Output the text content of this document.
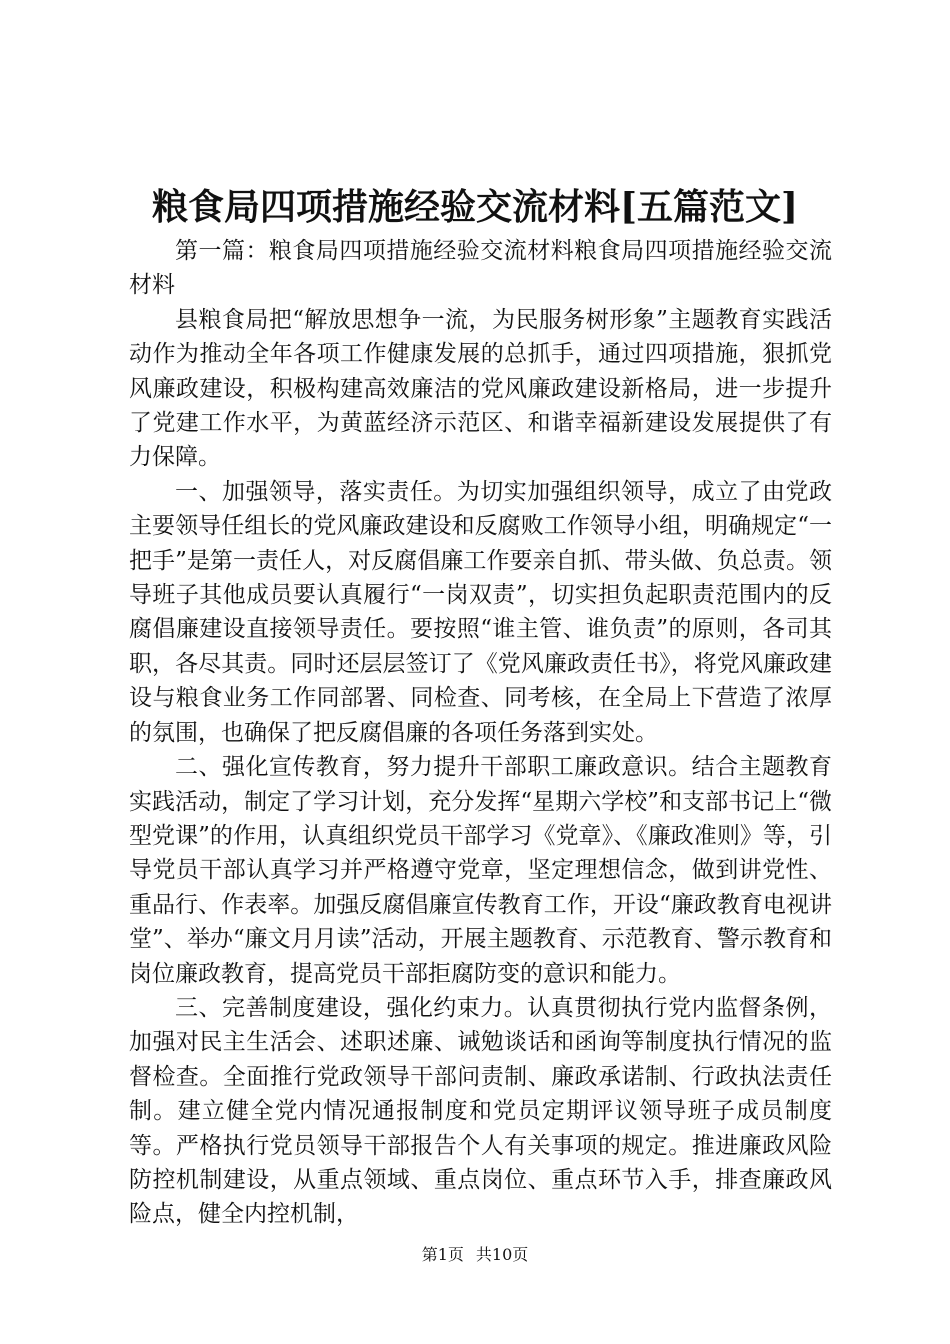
粮食局四项措施经验交流材料[五篇范文]

第一篇：粮食局四项措施经验交流材料粮食局四项措施经验交流材料

县粮食局把“解放思想争一流，为民服务树形象”主题教育实践活动作为推动全年各项工作健康发展的总抓手，通过四项措施，狠抓党风廉政建设，积极构建高效廉洁的党风廉政建设新格局，进一步提升了党建工作水平，为黄蓝经济示范区、和谐幸福新建设发展提供了有力保障。

一、加强领导，落实责任。为切实加强组织领导，成立了由党政主要领导任组长的党风廉政建设和反腐败工作领导小组，明确规定“一把手”是第一责任人，对反腐倡廉工作要亲自抓、带头做、负总责。领导班子其他成员要认真履行“一岗双责”，切实担负起职责范围内的反腐倡廉建设直接领导责任。要按照“谁主管、谁负责”的原则，各司其职，各尽其责。同时还层层签订了《党风廉政责任书》，将党风廉政建设与粮食业务工作同部署、同检查、同考核，在全局上下营造了浓厚的氛围，也确保了把反腐倡廉的各项任务落到实处。

二、强化宣传教育，努力提升干部职工廉政意识。结合主题教育实践活动，制定了学习计划，充分发挥“星期六学校”和支部书记上“微型党课”的作用，认真组织党员干部学习《党章》、《廉政准则》等，引导党员干部认真学习并严格遵守党章，坚定理想信念，做到讲党性、重品行、作表率。加强反腐倡廉宣传教育工作，开设“廉政教育电视讲堂”、举办“廉文月月读”活动，开展主题教育、示范教育、警示教育和岗位廉政教育，提高党员干部拒腐防变的意识和能力。

三、完善制度建设，强化约束力。认真贯彻执行党内监督条例，加强对民主生活会、述职述廉、诫勉谈话和函询等制度执行情况的监督检查。全面推行党政领导干部问责制、廉政承诺制、行政执法责任制。建立健全党内情况通报制度和党员定期评议领导班子成员制度等。严格执行党员领导干部报告个人有关事项的规定。推进廉政风险防控机制建设，从重点领域、重点岗位、重点环节入手，排查廉政风险点，健全内控机制，

第1页 共10页
